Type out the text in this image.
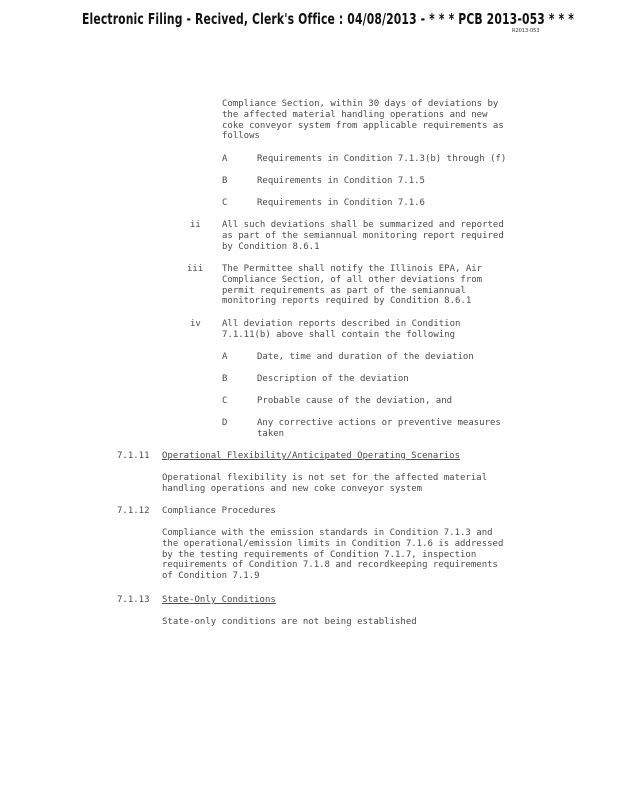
Electronic Filing - Recived, Clerk's Office : 04/08/2013 - * * * PCB 2013-053 * * *
R2013-053
Compliance Section, within 30 days of deviations by
the affected material handling operations and new
coke conveyor system from applicable requirements as
follows
A	Requirements in Condition 7.1.3(b) through (f)
B	Requirements in Condition 7.1.5
C	Requirements in Condition 7.1.6
ii All such deviations shall be summarized and reported
as part of the semiannual monitoring report required
by Condition 8.6.1
iii The Permittee shall notify the Illinois EPA, Air
Compliance Section, of all other deviations from
permit requirements as part of the semiannual
monitoring reports required by Condition 8.6.1
iv All deviation reports described in Condition
7.1.11(b) above shall contain the following
A	Date, time and duration of the deviation
B	Description of the deviation
C	Probable cause of the deviation, and
D	Any corrective actions or preventive measures
taken
7.1.11 Operational Flexibility/Anticipated Operating Scenarios
Operational flexibility is not set for the affected material
handling operations and new coke conveyor system
7.1.12 Compliance Procedures
Compliance with the emission standards in Condition 7.1.3 and
the operational/emission limits in Condition 7.1.6 is addressed
by the testing requirements of Condition 7.1.7, inspection
requirements of Condition 7.1.8 and recordkeeping requirements
of Condition 7.1.9
7.1.13 State-Only Conditions
State-only conditions are not being established
